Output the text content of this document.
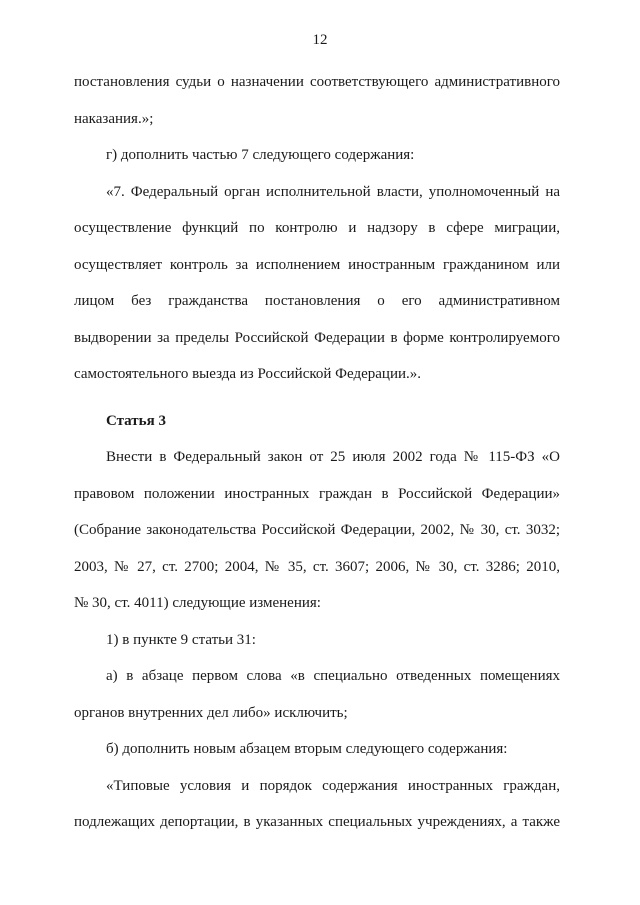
12
постановления судьи о назначении соответствующего административного
наказания.»;
г) дополнить частью 7 следующего содержания:
«7. Федеральный орган исполнительной власти, уполномоченный на
осуществление функций по контролю и надзору в сфере миграции,
осуществляет контроль за исполнением иностранным гражданином или
лицом без гражданства постановления о его административном
выдворении за пределы Российской Федерации в форме контролируемого
самостоятельного выезда из Российской Федерации.».
Статья 3
Внести в Федеральный закон от 25 июля 2002 года № 115-ФЗ «О
правовом положении иностранных граждан в Российской Федерации»
(Собрание законодательства Российской Федерации, 2002, № 30, ст. 3032;
2003, № 27, ст. 2700; 2004, № 35, ст. 3607; 2006, № 30, ст. 3286; 2010,
№ 30, ст. 4011) следующие изменения:
1) в пункте 9 статьи 31:
а) в абзаце первом слова «в специально отведенных помещениях
органов внутренних дел либо» исключить;
б) дополнить новым абзацем вторым следующего содержания:
«Типовые условия и порядок содержания иностранных граждан,
подлежащих депортации, в указанных специальных учреждениях, а также
